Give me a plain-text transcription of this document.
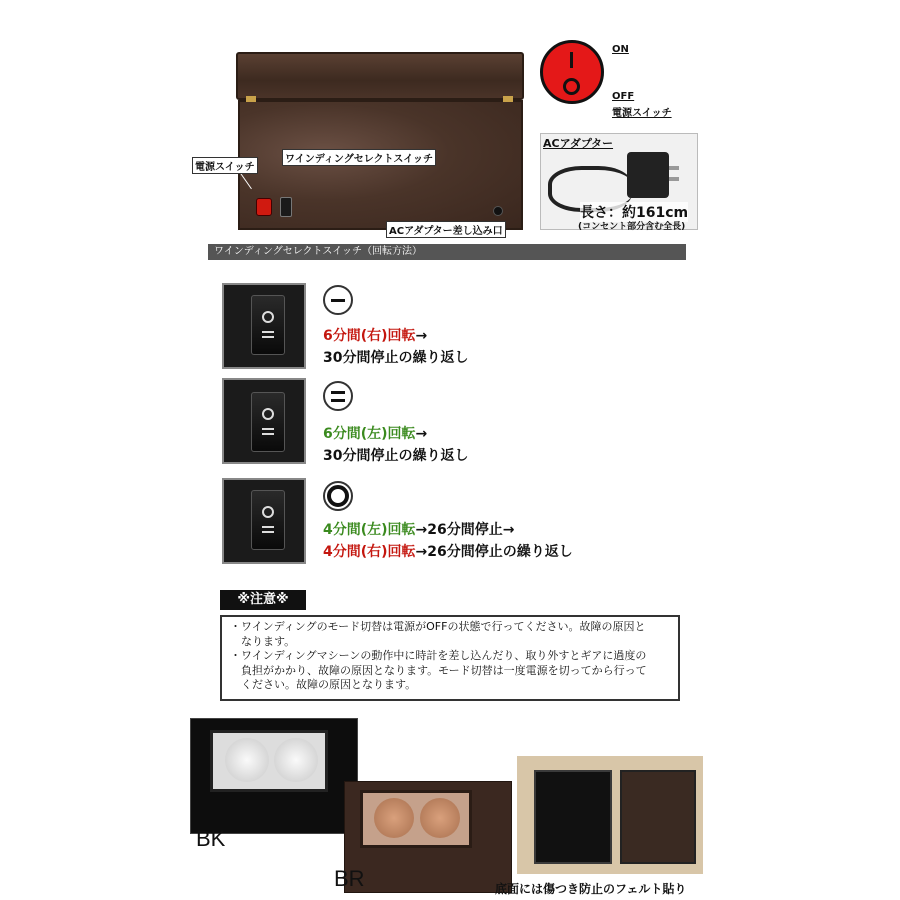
電源スイッチ
ワインディングセレクトスイッチ
ACアダプター差し込み口
ON
OFF
電源スイッチ
ACアダプター
長さ：約161cm
(コンセント部分含む全長)
ワインディングセレクトスイッチ（回転方法）
6分間(右)回転→
30分間停止の繰り返し
6分間(左)回転→
30分間停止の繰り返し
4分間(左)回転→26分間停止→
4分間(右)回転→26分間停止の繰り返し
※注意※
・ワインディングのモード切替は電源がOFFの状態で行ってください。故障の原因と
　なります。
・ワインディングマシーンの動作中に時計を差し込んだり、取り外すとギアに過度の
　負担がかかり、故障の原因となります。モード切替は一度電源を切ってから行って
　ください。故障の原因となります。
BK
BR	底面には傷つき防止のフェルト貼り
